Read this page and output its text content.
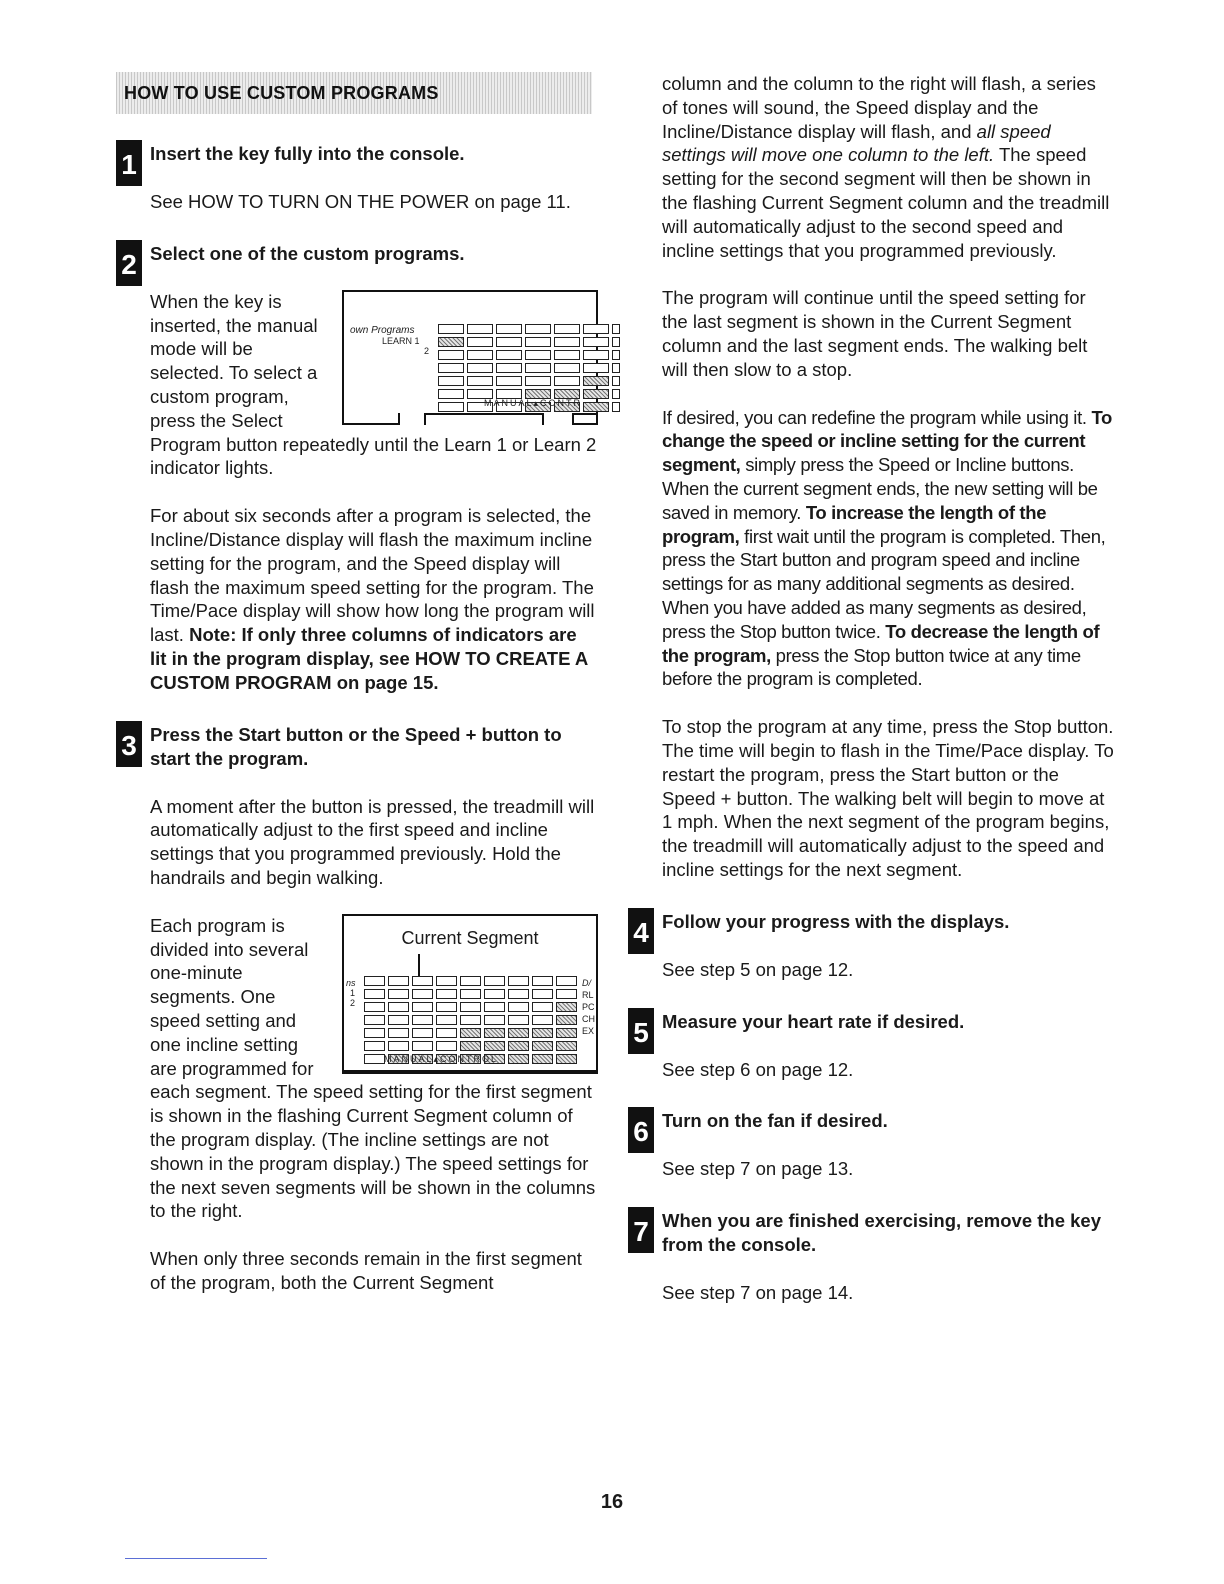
HOW TO USE CUSTOM PROGRAMS
1 Insert the key fully into the console.

See HOW TO TURN ON THE POWER on page 11.

2 Select one of the custom programs.
own Programs
LEARN 1
2
MANUAL▴CONTR

When the key is inserted, the manual mode will be selected. To select a custom program, press the Select Program button repeatedly until the Learn 1 or Learn 2 indicator lights.

For about six seconds after a program is selected, the Incline/Distance display will flash the maximum incline setting for the program, and the Speed display will flash the maximum speed setting for the program. The Time/Pace display will show how long the program will last. Note: If only three columns of indicators are lit in the program display, see HOW TO CREATE A CUSTOM PROGRAM on page 15.

3 Press the Start button or the Speed + button to start the program.

A moment after the button is pressed, the treadmill will automatically adjust to the first speed and incline settings that you programmed previously. Hold the handrails and begin walking.

Current Segment
ns
1
2
D/
RL
PC
CH
EX
MANUAL▴CONTROL

Each program is divided into several one-minute segments. One speed setting and one incline setting are programmed for each segment. The speed setting for the first segment is shown in the flashing Current Segment column of the program display. (The incline settings are not shown in the program display.) The speed settings for the next seven segments will be shown in the columns to the right.

When only three seconds remain in the first segment of the program, both the Current Segment

column and the column to the right will flash, a series of tones will sound, the Speed display and the Incline/Distance display will flash, and all speed settings will move one column to the left. The speed setting for the second segment will then be shown in the flashing Current Segment column and the treadmill will automatically adjust to the second speed and incline settings that you programmed previously.

The program will continue until the speed setting for the last segment is shown in the Current Segment column and the last segment ends. The walking belt will then slow to a stop.

If desired, you can redefine the program while using it. To change the speed or incline setting for the current segment, simply press the Speed or Incline buttons. When the current segment ends, the new setting will be saved in memory. To increase the length of the program, first wait until the program is completed. Then, press the Start button and program speed and incline settings for as many additional segments as desired. When you have added as many segments as desired, press the Stop button twice. To decrease the length of the program, press the Stop button twice at any time before the program is completed.

To stop the program at any time, press the Stop button. The time will begin to flash in the Time/Pace display. To restart the program, press the Start button or the Speed + button. The walking belt will begin to move at 1 mph. When the next segment of the program begins, the treadmill will automatically adjust to the speed and incline settings for the next segment.

4 Follow your progress with the displays.

See step 5 on page 12.

5 Measure your heart rate if desired.

See step 6 on page 12.

6 Turn on the fan if desired.

See step 7 on page 13.

7 When you are finished exercising, remove the key from the console.

See step 7 on page 14.

16
